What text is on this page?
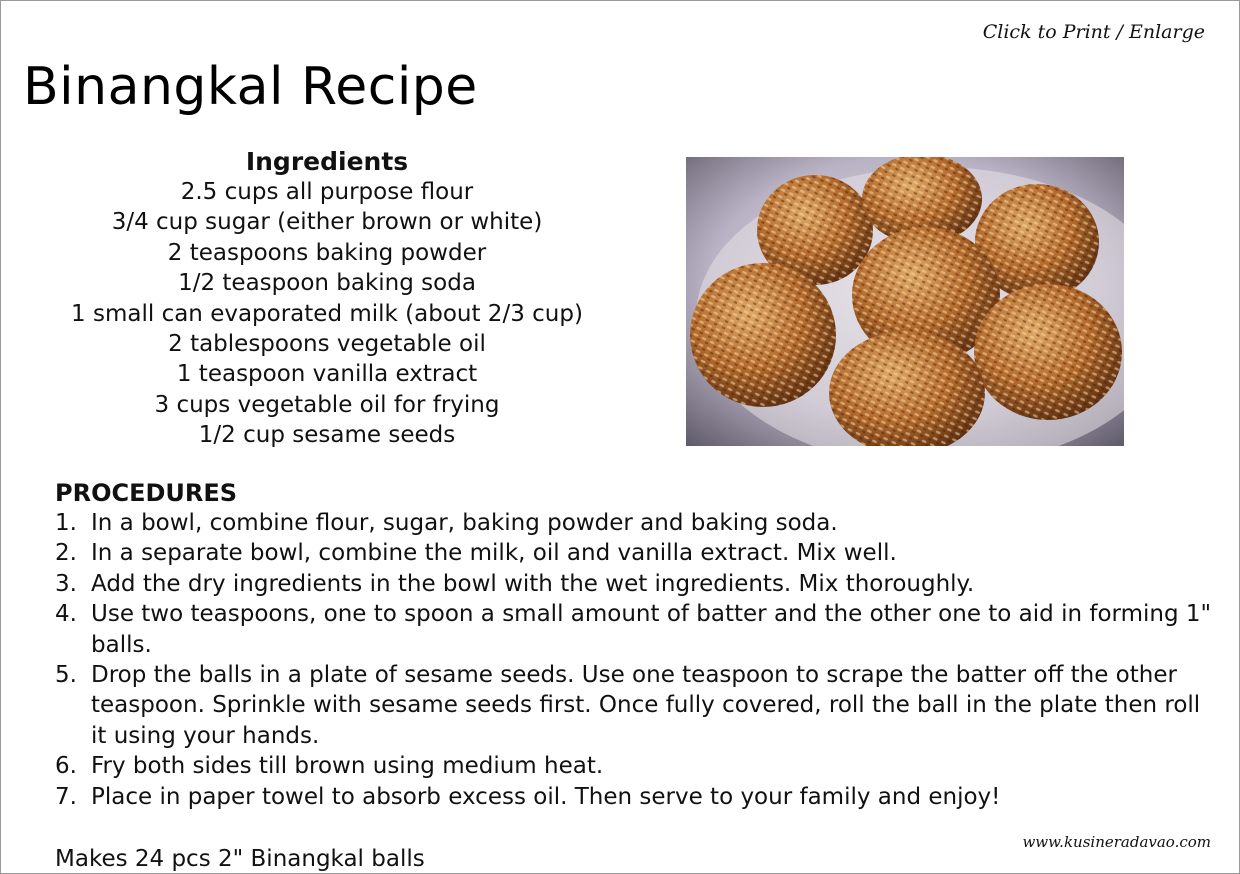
Click to Print / Enlarge
Binangkal Recipe
Ingredients
2.5 cups all purpose flour
3/4 cup sugar (either brown or white)
2 teaspoons baking powder
1/2 teaspoon baking soda
1 small can evaporated milk (about 2/3 cup)
2 tablespoons vegetable oil
1 teaspoon vanilla extract
3 cups vegetable oil for frying
1/2 cup sesame seeds
PROCEDURES
1. In a bowl, combine flour, sugar, baking powder and baking soda.
2. In a separate bowl, combine the milk, oil and vanilla extract. Mix well.
3. Add the dry ingredients in the bowl with the wet ingredients. Mix thoroughly.
4. Use two teaspoons, one to spoon a small amount of batter and the other one to aid in forming 1" balls.
5. Drop the balls in a plate of sesame seeds. Use one teaspoon to scrape the batter off the other teaspoon. Sprinkle with sesame seeds first. Once fully covered, roll the ball in the plate then roll it using your hands.
6. Fry both sides till brown using medium heat.
7. Place in paper towel to absorb excess oil. Then serve to your family and enjoy!
www.kusineradavao.com
Makes 24 pcs 2" Binangkal balls
